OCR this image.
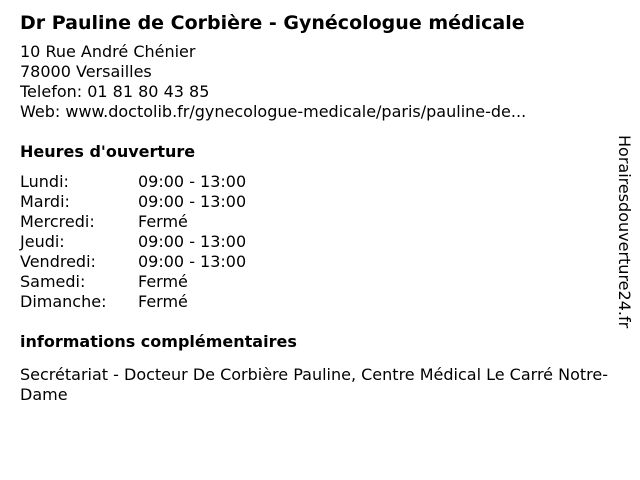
Dr Pauline de Corbière - Gynécologue médicale
10 Rue André Chénier
78000 Versailles
Telefon: 01 81 80 43 85
Web: www.doctolib.fr/gynecologue-medicale/paris/pauline-de...
Heures d'ouverture
Lundi:	09:00 - 13:00
Mardi:	09:00 - 13:00
Mercredi:	Fermé
Jeudi:	09:00 - 13:00
Vendredi:	09:00 - 13:00
Samedi:	Fermé
Dimanche:	Fermé
informations complémentaires
Secrétariat - Docteur De Corbière Pauline, Centre Médical Le Carré Notre-Dame
Horairesdouverture24.fr
